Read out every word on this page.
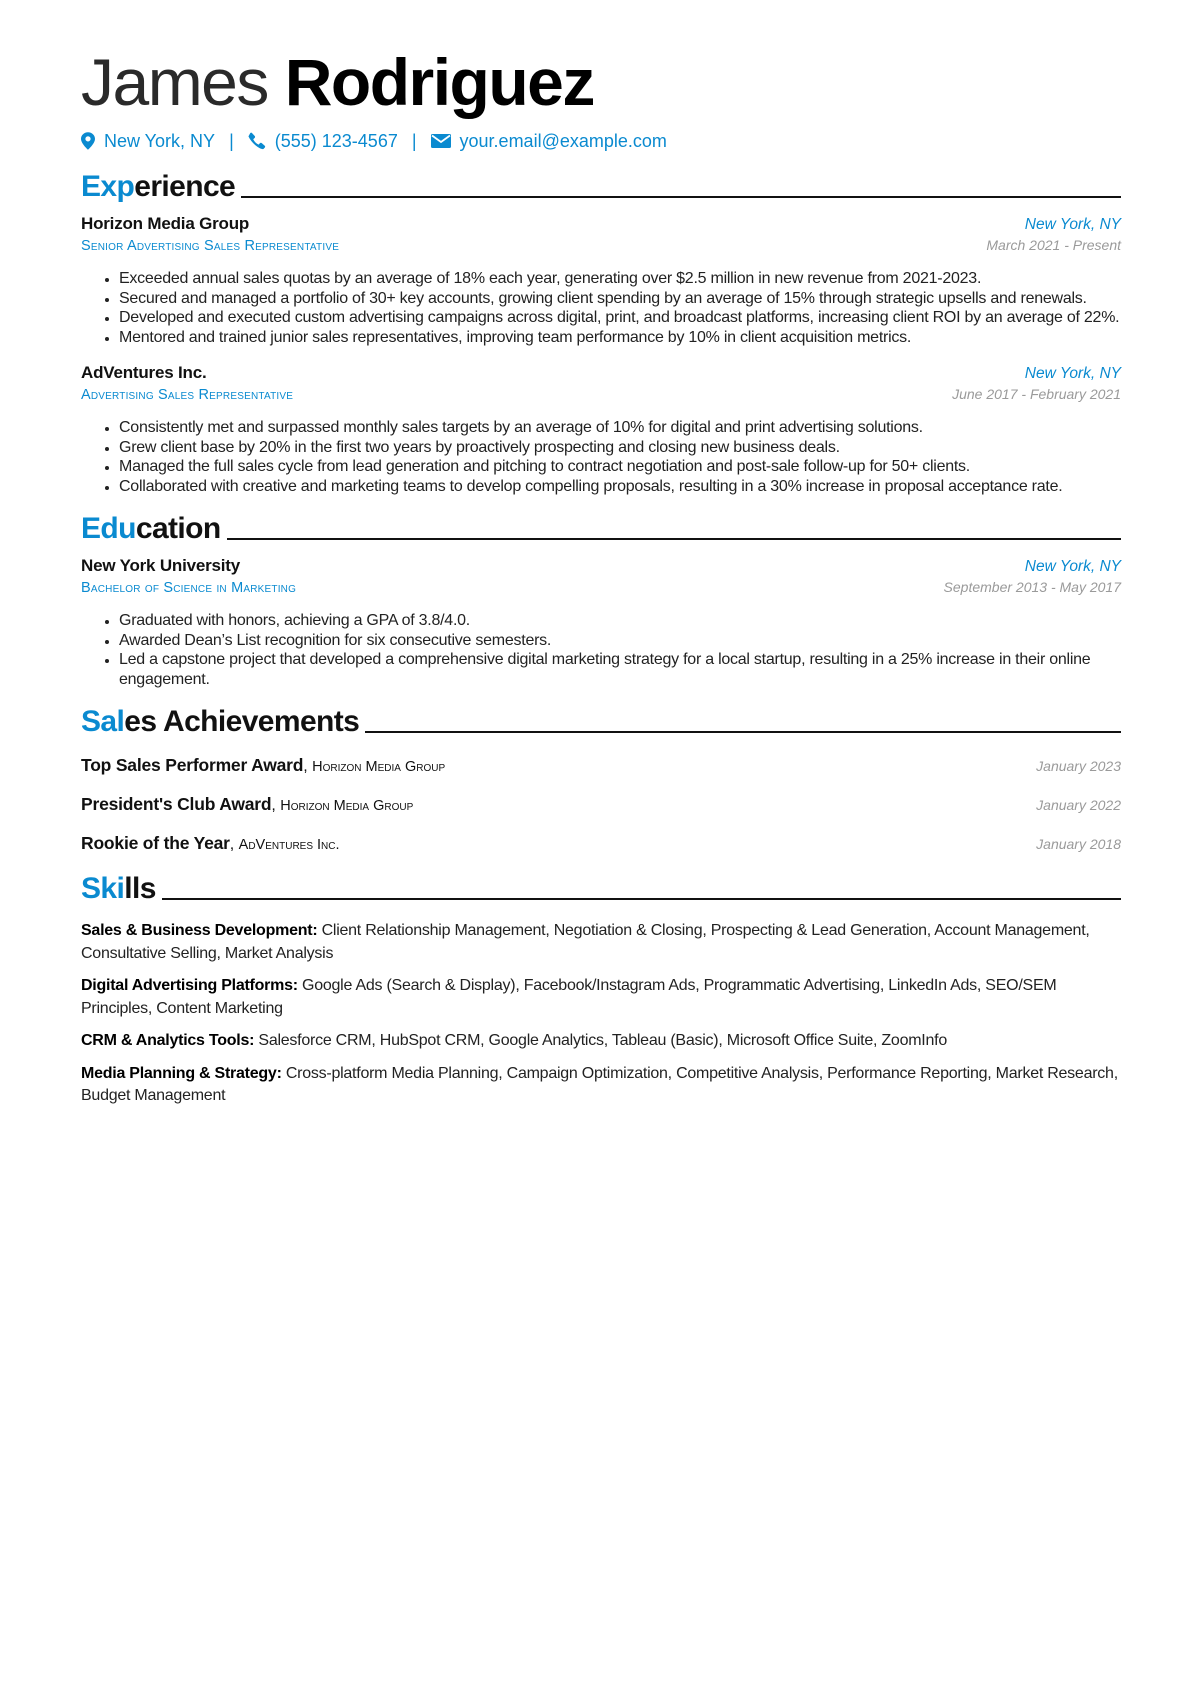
James Rodriguez
New York, NY | (555) 123-4567 | your.email@example.com
Experience
Horizon Media Group	New York, NY
Senior Advertising Sales Representative	March 2021 - Present
• Exceeded annual sales quotas by an average of 18% each year, generating over $2.5 million in new revenue from 2021-2023.
• Secured and managed a portfolio of 30+ key accounts, growing client spending by an average of 15% through strategic upsells and renewals.
• Developed and executed custom advertising campaigns across digital, print, and broadcast platforms, increasing client ROI by an average of 22%.
• Mentored and trained junior sales representatives, improving team performance by 10% in client acquisition metrics.
AdVentures Inc.	New York, NY
Advertising Sales Representative	June 2017 - February 2021
• Consistently met and surpassed monthly sales targets by an average of 10% for digital and print advertising solutions.
• Grew client base by 20% in the first two years by proactively prospecting and closing new business deals.
• Managed the full sales cycle from lead generation and pitching to contract negotiation and post-sale follow-up for 50+ clients.
• Collaborated with creative and marketing teams to develop compelling proposals, resulting in a 30% increase in proposal acceptance rate.
Education
New York University	New York, NY
Bachelor of Science in Marketing	September 2013 - May 2017
• Graduated with honors, achieving a GPA of 3.8/4.0.
• Awarded Dean’s List recognition for six consecutive semesters.
• Led a capstone project that developed a comprehensive digital marketing strategy for a local startup, resulting in a 25% increase in their online engagement.
Sales Achievements
Top Sales Performer Award, Horizon Media Group	January 2023
President's Club Award, Horizon Media Group	January 2022
Rookie of the Year, AdVentures Inc.	January 2018
Skills
Sales & Business Development: Client Relationship Management, Negotiation & Closing, Prospecting & Lead Generation, Account Management, Consultative Selling, Market Analysis
Digital Advertising Platforms: Google Ads (Search & Display), Facebook/Instagram Ads, Programmatic Advertising, LinkedIn Ads, SEO/SEM Principles, Content Marketing
CRM & Analytics Tools: Salesforce CRM, HubSpot CRM, Google Analytics, Tableau (Basic), Microsoft Office Suite, ZoomInfo
Media Planning & Strategy: Cross-platform Media Planning, Campaign Optimization, Competitive Analysis, Performance Reporting, Market Research, Budget Management
